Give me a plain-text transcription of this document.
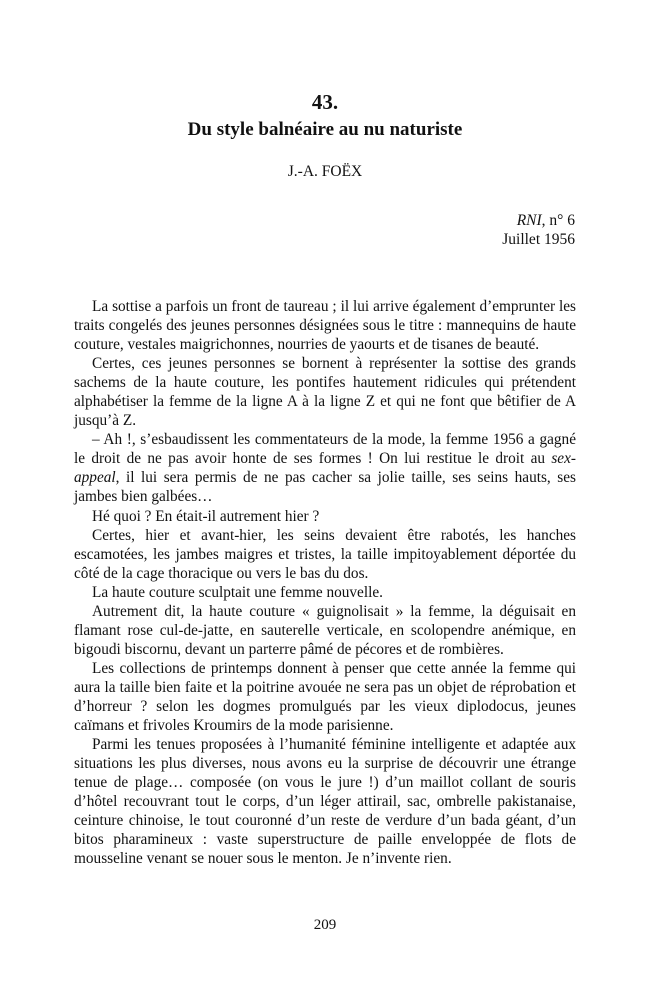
43.
Du style balnéaire au nu naturiste
J.-A. FOËX
RNI, n° 6
Juillet 1956

La sottise a parfois un front de taureau ; il lui arrive également d’emprunter les traits congelés des jeunes personnes désignées sous le titre : mannequins de haute couture, vestales maigrichonnes, nourries de yaourts et de tisanes de beauté.

Certes, ces jeunes personnes se bornent à représenter la sottise des grands sachems de la haute couture, les pontifes hautement ridicules qui prétendent alphabétiser la femme de la ligne A à la ligne Z et qui ne font que bêtifier de A jusqu’à Z.

– Ah !, s’esbaudissent les commentateurs de la mode, la femme 1956 a gagné le droit de ne pas avoir honte de ses formes ! On lui restitue le droit au sex-appeal, il lui sera permis de ne pas cacher sa jolie taille, ses seins hauts, ses jambes bien galbées…

Hé quoi ? En était-il autrement hier ?

Certes, hier et avant-hier, les seins devaient être rabotés, les hanches escamotées, les jambes maigres et tristes, la taille impitoyablement déportée du côté de la cage thoracique ou vers le bas du dos.

La haute couture sculptait une femme nouvelle.

Autrement dit, la haute couture « guignolisait » la femme, la déguisait en flamant rose cul-de-jatte, en sauterelle verticale, en scolopendre anémique, en bigoudi biscornu, devant un parterre pâmé de pécores et de rombières.

Les collections de printemps donnent à penser que cette année la femme qui aura la taille bien faite et la poitrine avouée ne sera pas un objet de réprobation et d’horreur ? selon les dogmes promulgués par les vieux diplodocus, jeunes caïmans et frivoles Kroumirs de la mode parisienne.

Parmi les tenues proposées à l’humanité féminine intelligente et adaptée aux situations les plus diverses, nous avons eu la surprise de découvrir une étrange tenue de plage… composée (on vous le jure !) d’un maillot collant de souris d’hôtel recouvrant tout le corps, d’un léger attirail, sac, ombrelle pakistanaise, ceinture chinoise, le tout couronné d’un reste de verdure d’un bada géant, d’un bitos pharamineux : vaste superstructure de paille enveloppée de flots de mousseline venant se nouer sous le menton. Je n’invente rien.

209
